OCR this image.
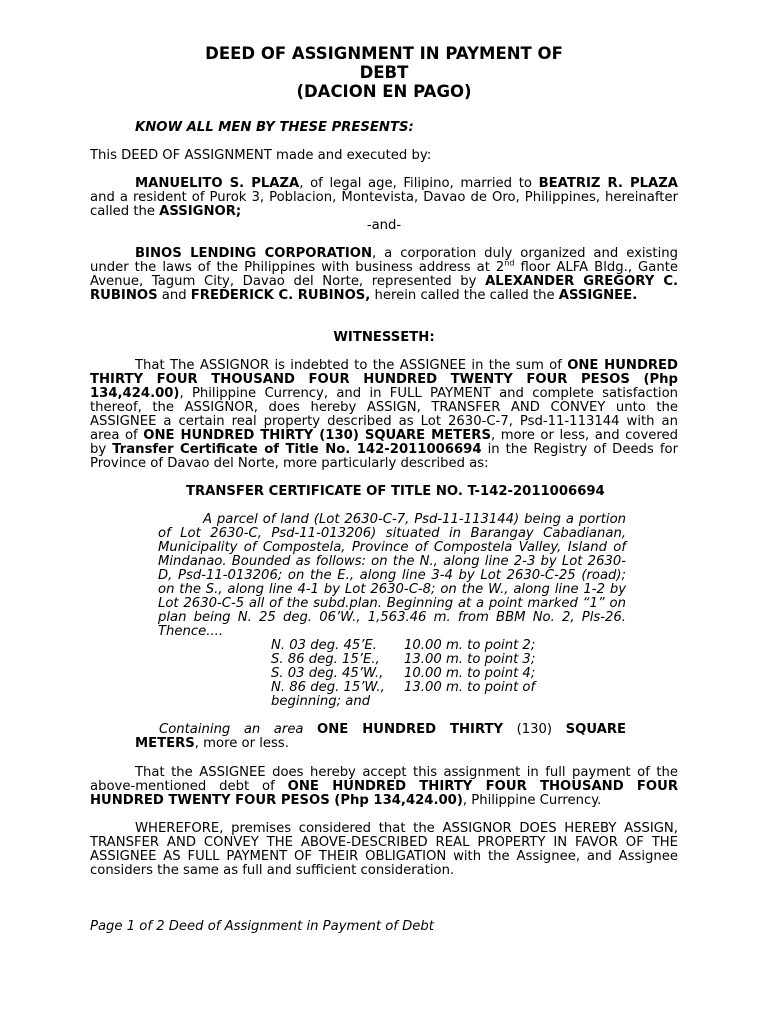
DEED OF ASSIGNMENT IN PAYMENT OF
DEBT
(DACION EN PAGO)
KNOW ALL MEN BY THESE PRESENTS:
This DEED OF ASSIGNMENT made and executed by:
MANUELITO S. PLAZA, of legal age, Filipino, married to BEATRIZ R. PLAZA and a resident of Purok 3, Poblacion, Montevista, Davao de Oro, Philippines, hereinafter called the ASSIGNOR;
-and-
BINOS LENDING CORPORATION, a corporation duly organized and existing under the laws of the Philippines with business address at 2nd floor ALFA Bldg., Gante Avenue, Tagum City, Davao del Norte, represented by ALEXANDER GREGORY C. RUBINOS and FREDERICK C. RUBINOS, herein called the called the ASSIGNEE.
WITNESSETH:
That The ASSIGNOR is indebted to the ASSIGNEE in the sum of ONE HUNDRED THIRTY FOUR THOUSAND FOUR HUNDRED TWENTY FOUR PESOS (Php 134,424.00), Philippine Currency, and in FULL PAYMENT and complete satisfaction thereof, the ASSIGNOR, does hereby ASSIGN, TRANSFER AND CONVEY unto the ASSIGNEE a certain real property described as Lot 2630-C-7, Psd-11-113144 with an area of ONE HUNDRED THIRTY (130) SQUARE METERS, more or less, and covered by Transfer Certificate of Title No. 142-2011006694 in the Registry of Deeds for Province of Davao del Norte, more particularly described as:
TRANSFER CERTIFICATE OF TITLE NO. T-142-2011006694
A parcel of land (Lot 2630-C-7, Psd-11-113144) being a portion of Lot 2630-C, Psd-11-013206) situated in Barangay Cabadianan, Municipality of Compostela, Province of Compostela Valley, Island of Mindanao. Bounded as follows: on the N., along line 2-3 by Lot 2630-D, Psd-11-013206; on the E., along line 3-4 by Lot 2630-C-25 (road); on the S., along line 4-1 by Lot 2630-C-8; on the W., along line 1-2 by Lot 2630-C-5 all of the subd.plan. Beginning at a point marked “1” on plan being N. 25 deg. 06’W., 1,563.46 m. from BBM No. 2, Pls-26. Thence....
N. 03 deg. 45’E. 10.00 m. to point 2;
S. 86 deg. 15’E., 13.00 m. to point 3;
S. 03 deg. 45’W., 10.00 m. to point 4;
N. 86 deg. 15’W., 13.00 m. to point of
beginning; and
Containing an area ONE HUNDRED THIRTY (130) SQUARE METERS, more or less.
That the ASSIGNEE does hereby accept this assignment in full payment of the above-mentioned debt of ONE HUNDRED THIRTY FOUR THOUSAND FOUR HUNDRED TWENTY FOUR PESOS (Php 134,424.00), Philippine Currency.
WHEREFORE, premises considered that the ASSIGNOR DOES HEREBY ASSIGN, TRANSFER AND CONVEY THE ABOVE-DESCRIBED REAL PROPERTY IN FAVOR OF THE ASSIGNEE AS FULL PAYMENT OF THEIR OBLIGATION with the Assignee, and Assignee considers the same as full and sufficient consideration.
Page 1 of 2 Deed of Assignment in Payment of Debt
